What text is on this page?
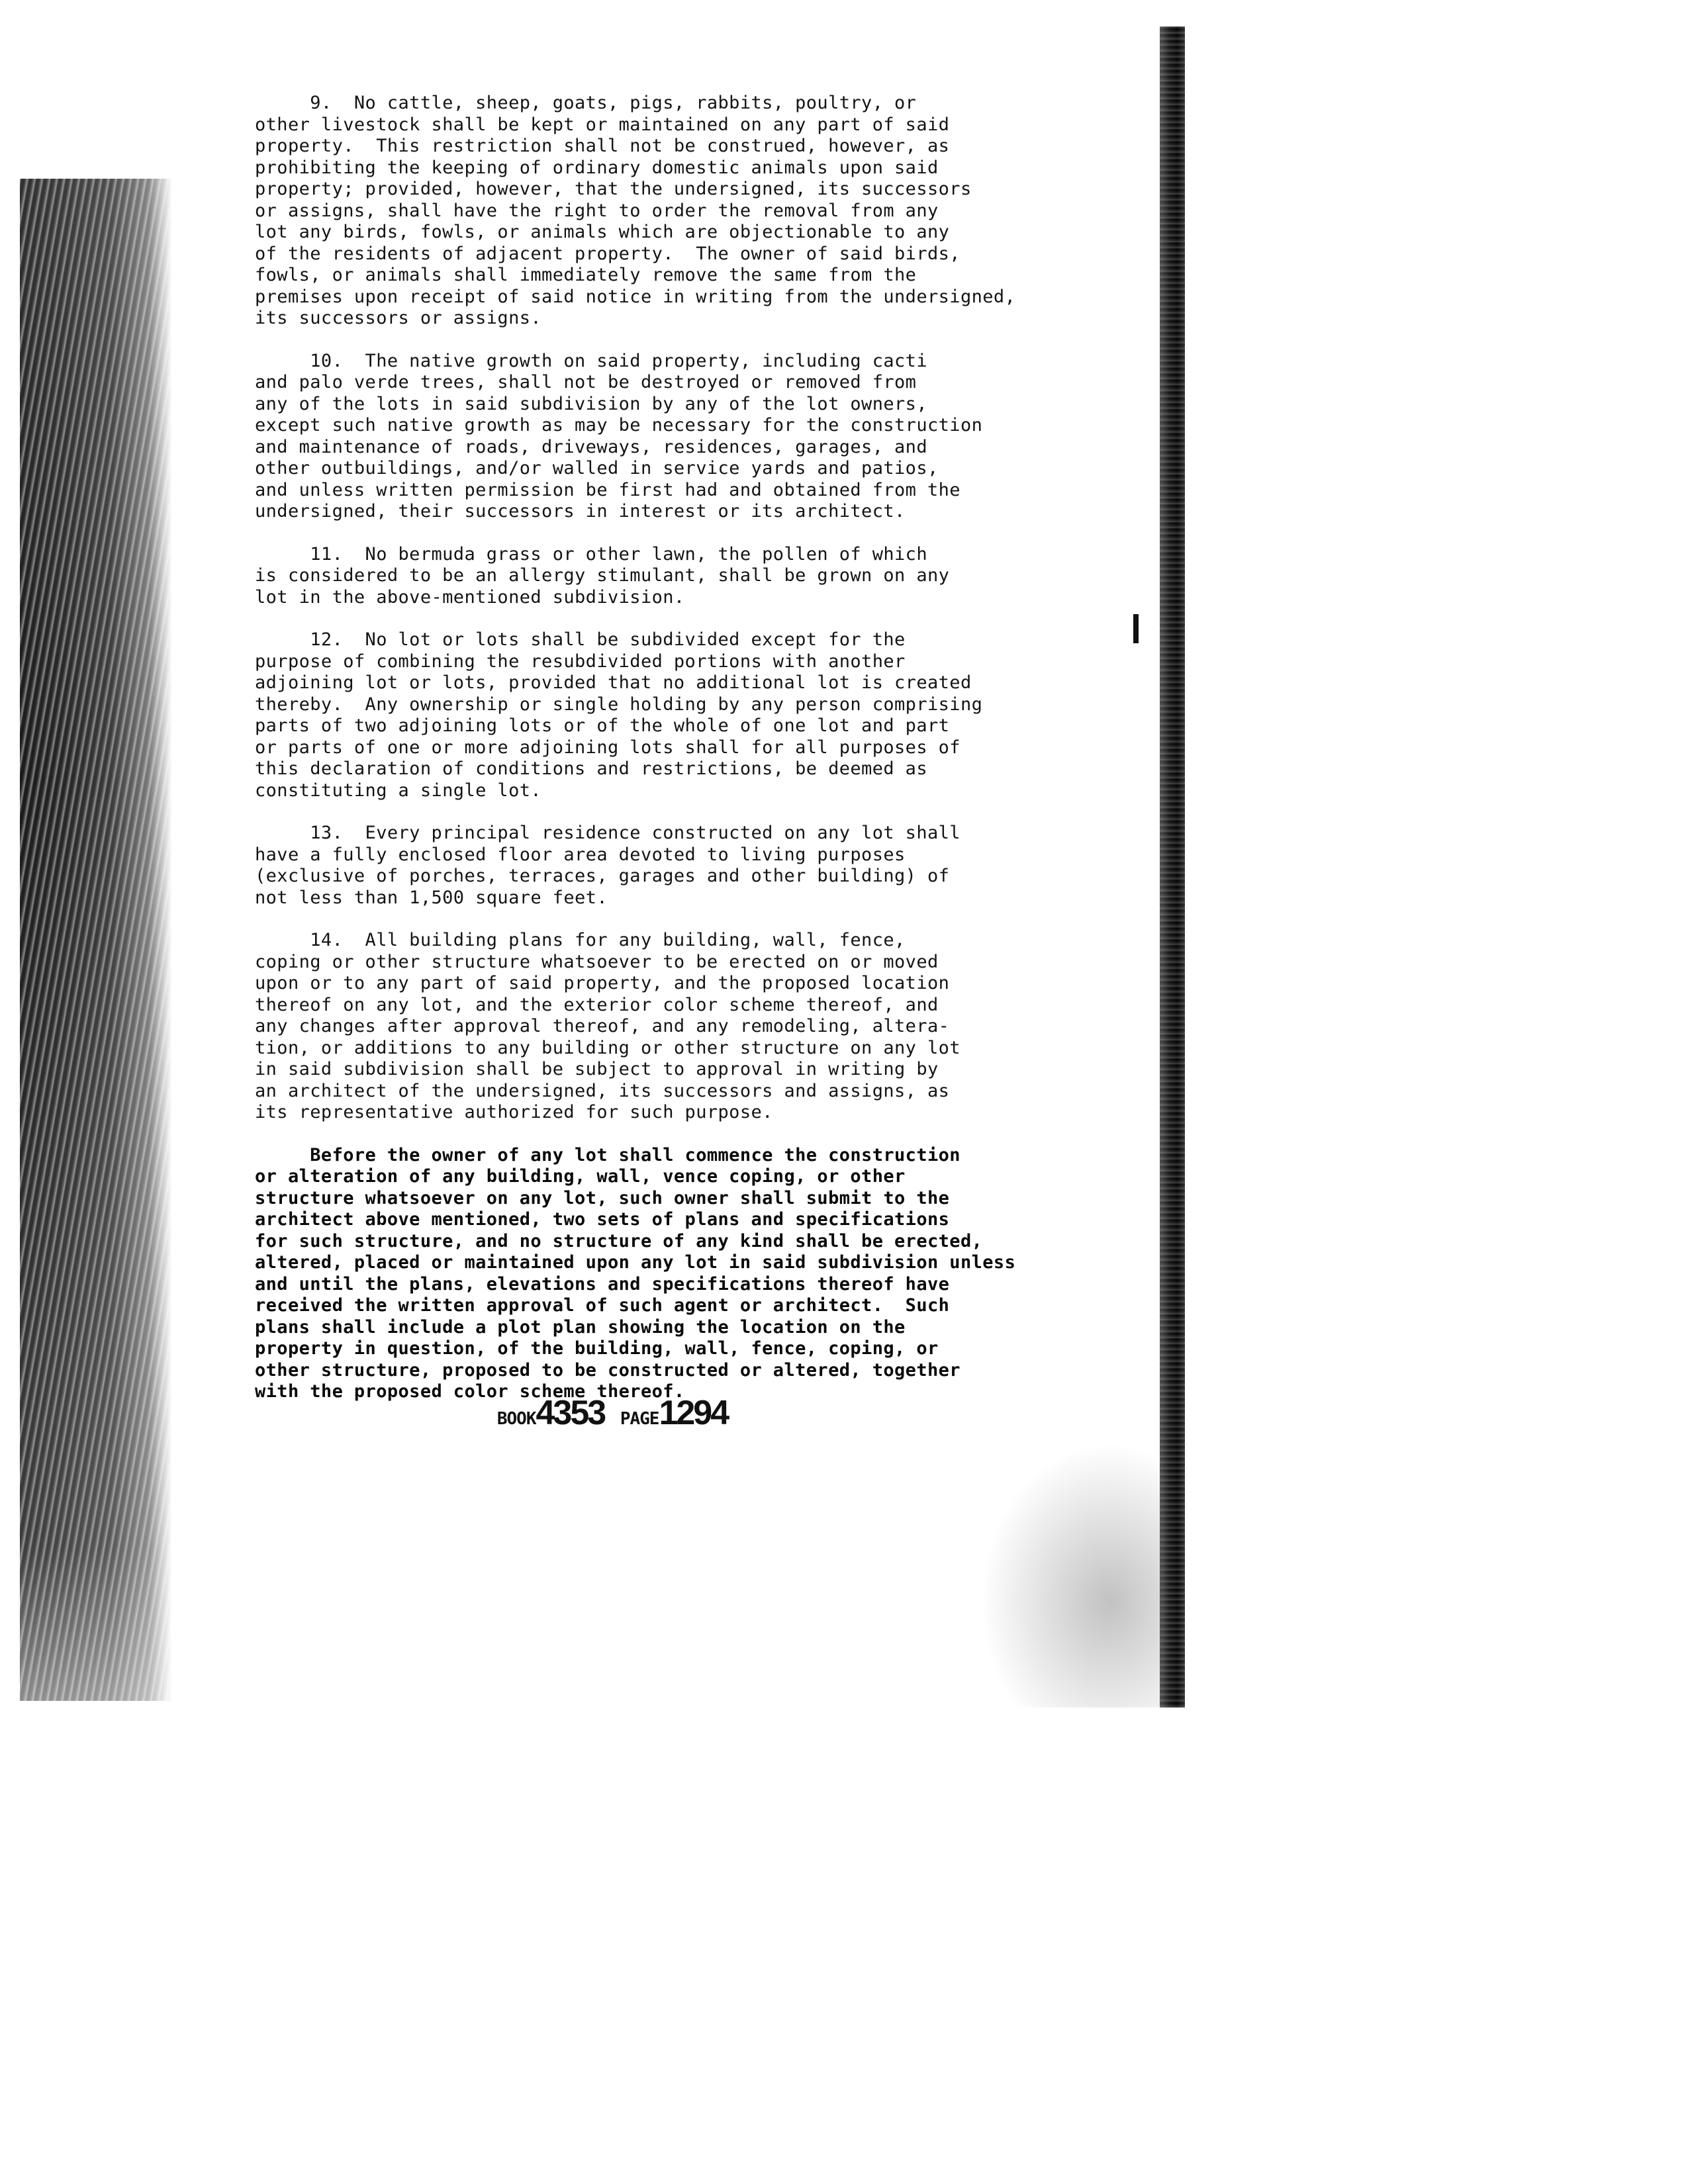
9.  No cattle, sheep, goats, pigs, rabbits, poultry, or
other livestock shall be kept or maintained on any part of said
property.  This restriction shall not be construed, however, as
prohibiting the keeping of ordinary domestic animals upon said
property; provided, however, that the undersigned, its successors
or assigns, shall have the right to order the removal from any
lot any birds, fowls, or animals which are objectionable to any
of the residents of adjacent property.  The owner of said birds,
fowls, or animals shall immediately remove the same from the
premises upon receipt of said notice in writing from the undersigned,
its successors or assigns.
10.  The native growth on said property, including cacti
and palo verde trees, shall not be destroyed or removed from
any of the lots in said subdivision by any of the lot owners,
except such native growth as may be necessary for the construction
and maintenance of roads, driveways, residences, garages, and
other outbuildings, and/or walled in service yards and patios,
and unless written permission be first had and obtained from the
undersigned, their successors in interest or its architect.
11.  No bermuda grass or other lawn, the pollen of which
is considered to be an allergy stimulant, shall be grown on any
lot in the above-mentioned subdivision.
12.  No lot or lots shall be subdivided except for the
purpose of combining the resubdivided portions with another
adjoining lot or lots, provided that no additional lot is created
thereby.  Any ownership or single holding by any person comprising
parts of two adjoining lots or of the whole of one lot and part
or parts of one or more adjoining lots shall for all purposes of
this declaration of conditions and restrictions, be deemed as
constituting a single lot.
13.  Every principal residence constructed on any lot shall
have a fully enclosed floor area devoted to living purposes
(exclusive of porches, terraces, garages and other building) of
not less than 1,500 square feet.
14.  All building plans for any building, wall, fence,
coping or other structure whatsoever to be erected on or moved
upon or to any part of said property, and the proposed location
thereof on any lot, and the exterior color scheme thereof, and
any changes after approval thereof, and any remodeling, altera-
tion, or additions to any building or other structure on any lot
in said subdivision shall be subject to approval in writing by
an architect of the undersigned, its successors and assigns, as
its representative authorized for such purpose.
Before the owner of any lot shall commence the construction
or alteration of any building, wall, vence coping, or other
structure whatsoever on any lot, such owner shall submit to the
architect above mentioned, two sets of plans and specifications
for such structure, and no structure of any kind shall be erected,
altered, placed or maintained upon any lot in said subdivision unless
and until the plans, elevations and specifications thereof have
received the written approval of such agent or architect.  Such
plans shall include a plot plan showing the location on the
property in question, of the building, wall, fence, coping, or
other structure, proposed to be constructed or altered, together
with the proposed color scheme thereof.
BOOK4353 PAGE1294
